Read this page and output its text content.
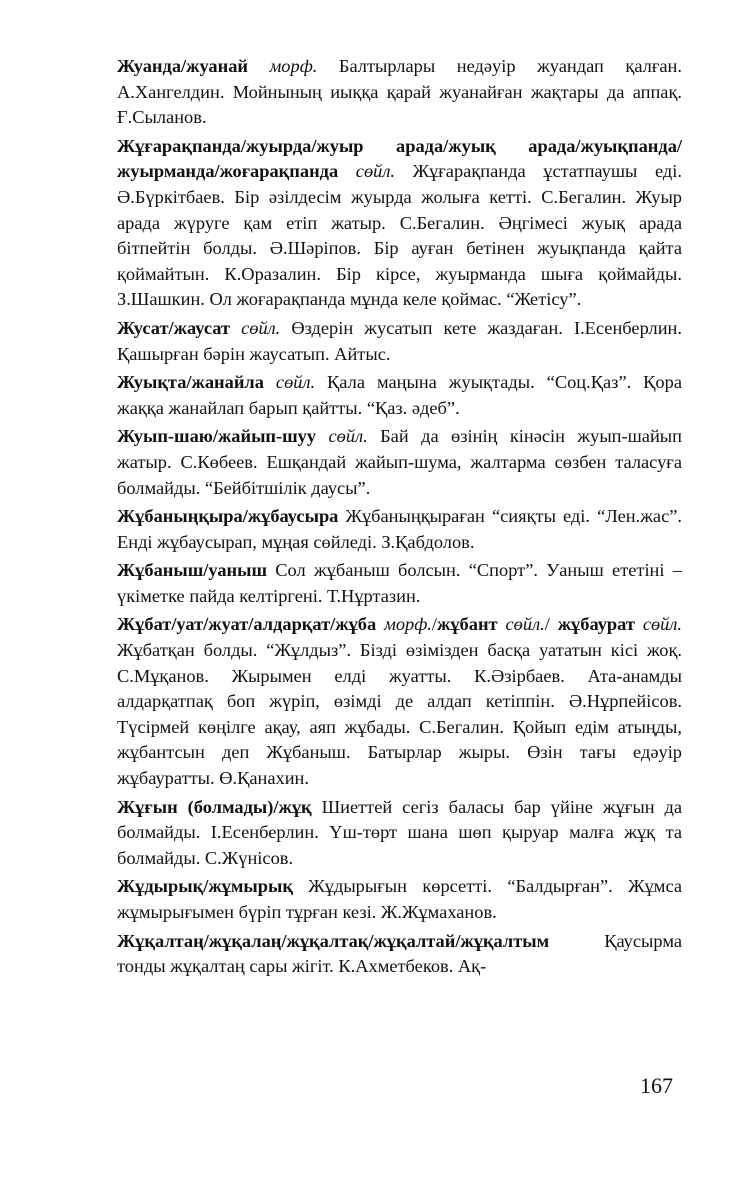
Жуанда/жуанай морф. Балтырлары недәуір жуандап қалған. А.Хангелдин. Мойнының иыққа қарай жуанайған жақтары да аппақ. Ғ.Сыланов.

Жұғарақпанда/жуырда/жуыр арада/жуық арада/жуықпанда/ жуырманда/жоғарақпанда сөйл. Жұғарақпанда ұстатпаушы еді. Ә.Бүркітбаев. Бір әзілдесім жуырда жолыға кетті. С.Бегалин. Жуыр арада жүруге қам етіп жатыр. С.Бегалин. Әңгімесі жуық арада бітпейтін болды. Ә.Шәріпов. Бір ауған бетінен жуықпанда қайта қоймайтын. К.Оразалин. Бір кірсе, жуырманда шыға қоймайды. З.Шашкин. Ол жоғарақпанда мұнда келе қоймас. “Жетісу”.

Жусат/жаусат сөйл. Өздерін жусатып кете жаздаған. І.Есенберлин. Қашырған бәрін жаусатып. Айтыс.

Жуықта/жанайла сөйл. Қала маңына жуықтады. “Соц.Қаз”. Қора жаққа жанайлап барып қайтты. “Қаз. әдеб”.

Жуып-шаю/жайып-шуу сөйл. Бай да өзінің кінәсін жуып-шайып жатыр. С.Көбеев. Ешқандай жайып-шума, жалтарма сөзбен таласуға болмайды. “Бейбітшілік даусы”.

Жұбаныңқыра/жұбаусыра Жұбаныңқыраған “сияқты еді. “Лен.жас”. Енді жұбаусырап, мұңая сөйледі. З.Қабдолов.

Жұбаныш/уаныш Сол жұбаныш болсын. “Спорт”. Уаныш ететіні – үкіметке пайда келтіргені. Т.Нұртазин.

Жұбат/уат/жуат/алдарқат/жұба морф./жұбант сөйл./ жұбаурат сөйл. Жұбатқан болды. “Жұлдыз”. Бізді өзімізден басқа уататын кісі жоқ. С.Мұқанов. Жырымен елді жуатты. К.Әзірбаев. Ата-анамды алдарқатпақ боп жүріп, өзімді де алдап кетіппін. Ә.Нұрпейісов. Түсірмей көңілге ақау, аяп жұбады. С.Бегалин. Қойып едім атыңды, жұбантсын деп Жұбаныш. Батырлар жыры. Өзін тағы едәуір жұбауратты. Ө.Қанахин.

Жұғын (болмады)/жұқ Шиеттей сегіз баласы бар үйіне жұғын да болмайды. І.Есенберлин. Үш-төрт шана шөп қыруар малға жұқ та болмайды. С.Жүнісов.

Жұдырық/жұмырық Жұдырығын көрсетті. “Балдырған”. Жұмса жұмырығымен бүріп тұрған кезі. Ж.Жұмаханов.

Жұқалтаң/жұқалаң/жұқалтақ/жұқалтай/жұқалтым Қаусырма тонды жұқалтаң сары жігіт. К.Ахметбеков. Ақ-

167
